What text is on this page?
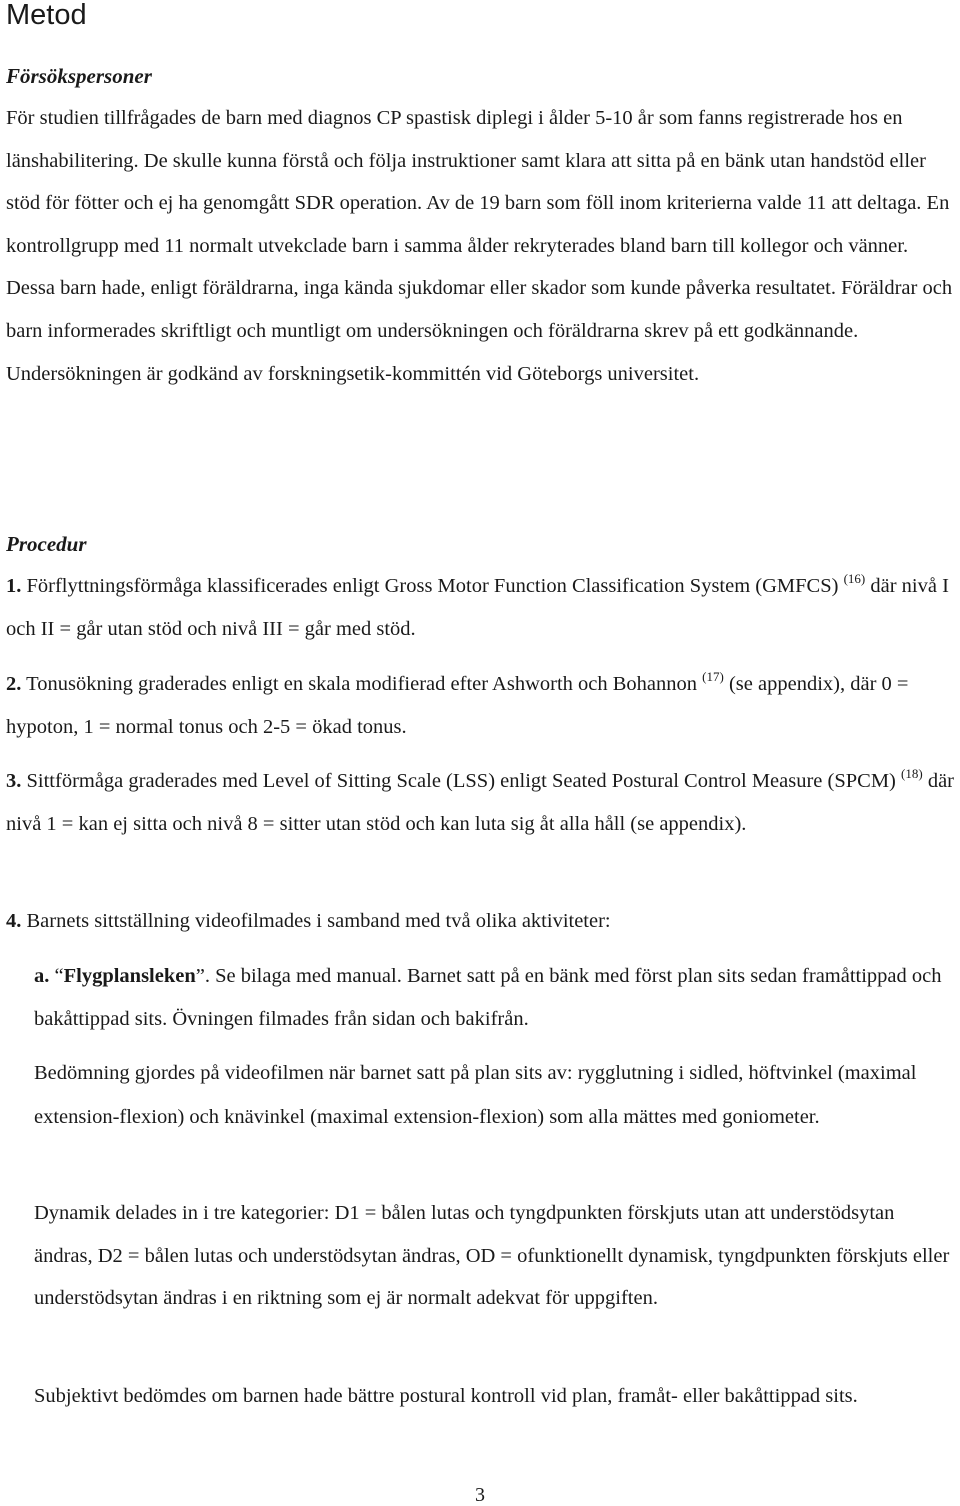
Metod
Försökspersoner

För studien tillfrågades de barn med diagnos CP spastisk diplegi i ålder 5-10 år som fanns registrerade hos en länshabilitering. De skulle kunna förstå och följa instruktioner samt klara att sitta på en bänk utan handstöd eller stöd för fötter och ej ha genomgått SDR operation. Av de 19 barn som föll inom kriterierna valde 11 att deltaga. En kontrollgrupp med 11 normalt utvekclade barn i samma ålder rekryterades bland barn till kollegor och vänner. Dessa barn hade, enligt föräldrarna, inga kända sjukdomar eller skador som kunde påverka resultatet. Föräldrar och barn informerades skriftligt och muntligt om undersökningen och föräldrarna skrev på ett godkännande. Undersökningen är godkänd av forskningsetik-kommittén vid Göteborgs universitet.

Procedur

1. Förflyttningsförmåga klassificerades enligt Gross Motor Function Classification System (GMFCS) $^{(16)}$ där nivå I och II = går utan stöd och nivå III = går med stöd.

2. Tonusökning graderades enligt en skala modifierad efter Ashworth och Bohannon $^{(17)}$ (se appendix), där 0 = hypoton, 1 = normal tonus och 2-5 = ökad tonus.

3. Sittförmåga graderades med Level of Sitting Scale (LSS) enligt Seated Postural Control Measure (SPCM) $^{(18)}$ där nivå 1 = kan ej sitta och nivå 8 = sitter utan stöd och kan luta sig åt alla håll (se appendix).

4. Barnets sittställning videofilmades i samband med två olika aktiviteter:

a. “Flygplansleken”. Se bilaga med manual. Barnet satt på en bänk med först plan sits sedan framåttippad och bakåttippad sits. Övningen filmades från sidan och bakifrån.

Bedömning gjordes på videofilmen när barnet satt på plan sits av: rygglutning i sidled, höftvinkel (maximal extension-flexion) och knävinkel (maximal extension-flexion) som alla mättes med goniometer.

Dynamik delades in i tre kategorier: D1 = bålen lutas och tyngdpunkten förskjuts utan att understödsytan ändras, D2 = bålen lutas och understödsytan ändras, OD = ofunktionellt dynamisk, tyngdpunkten förskjuts eller understödsytan ändras i en riktning som ej är normalt adekvat för uppgiften.

Subjektivt bedömdes om barnen hade bättre postural kontroll vid plan, framåt- eller bakåttippad sits.

3
